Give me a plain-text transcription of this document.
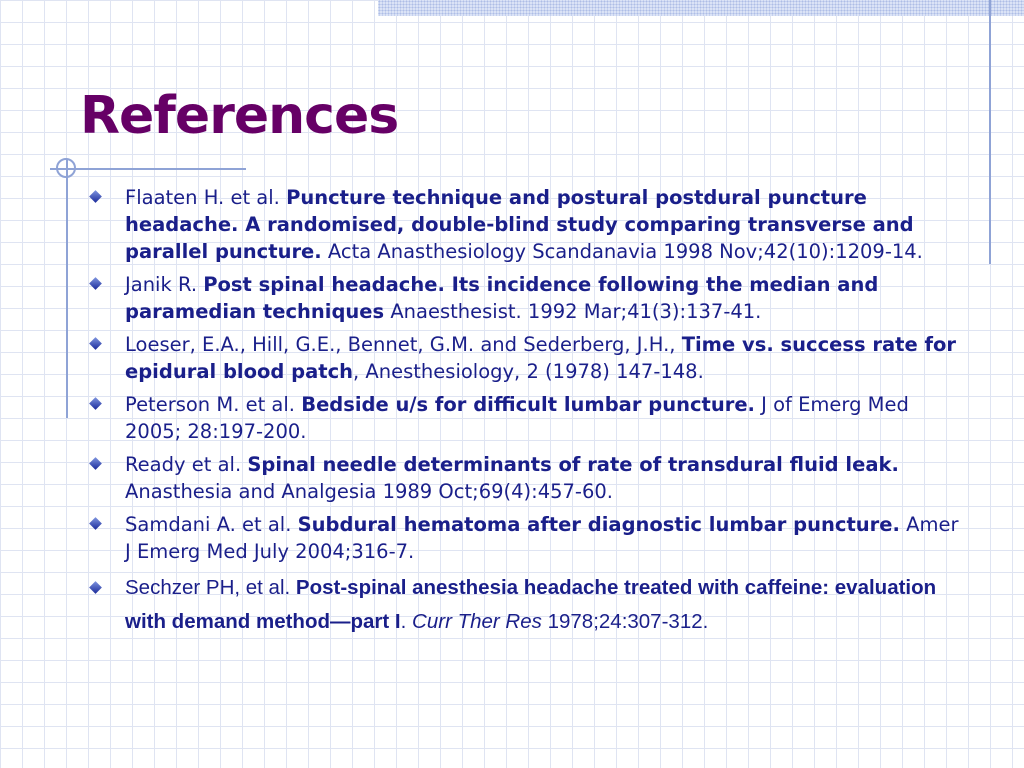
References
Flaaten H. et al. Puncture technique and postural postdural puncture headache. A randomised, double-blind study comparing transverse and parallel puncture. Acta Anasthesiology Scandanavia 1998 Nov;42(10):1209-14.
Janik R. Post spinal headache. Its incidence following the median and paramedian techniques Anaesthesist. 1992 Mar;41(3):137-41.
Loeser, E.A., Hill, G.E., Bennet, G.M. and Sederberg, J.H., Time vs. success rate for epidural blood patch, Anesthesiology, 2 (1978) 147-148.
Peterson M. et al. Bedside u/s for difficult lumbar puncture. J of Emerg Med 2005; 28:197-200.
Ready et al. Spinal needle determinants of rate of transdural fluid leak. Anasthesia and Analgesia 1989 Oct;69(4):457-60.
Samdani A. et al. Subdural hematoma after diagnostic lumbar puncture. Amer J Emerg Med July 2004;316-7.
Sechzer PH, et al. Post-spinal anesthesia headache treated with caffeine: evaluation with demand method—part I. Curr Ther Res 1978;24:307-312.
